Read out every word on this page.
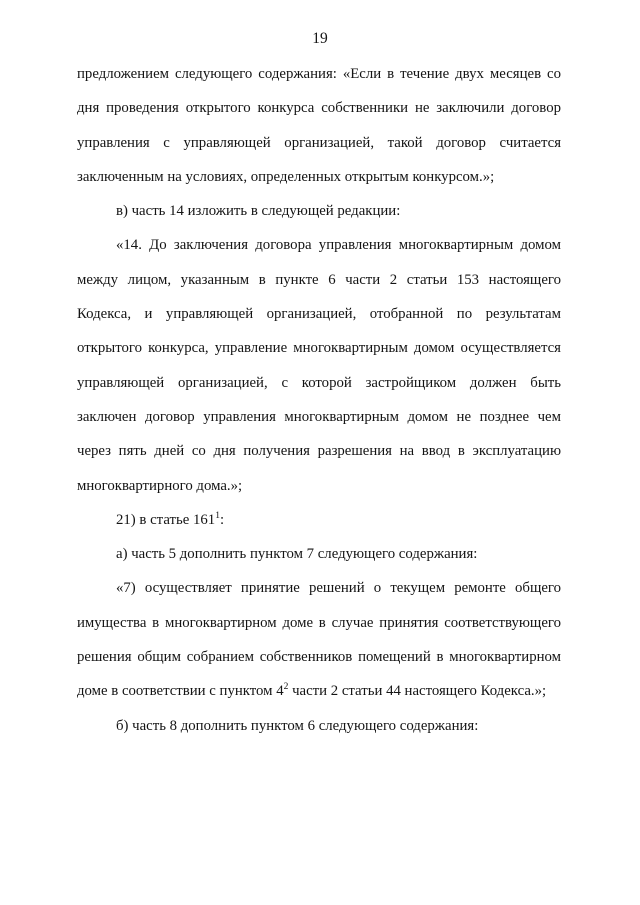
19
предложением следующего содержания: «Если в течение двух месяцев со
дня проведения открытого конкурса собственники не заключили договор
управления с управляющей организацией, такой договор считается
заключенным на условиях, определенных открытым конкурсом.»;
в) часть 14 изложить в следующей редакции:
«14. До заключения договора управления многоквартирным домом
между лицом, указанным в пункте 6 части 2 статьи 153 настоящего
Кодекса, и управляющей организацией, отобранной по результатам
открытого конкурса, управление многоквартирным домом осуществляется
управляющей организацией, с которой застройщиком должен быть
заключен договор управления многоквартирным домом не позднее чем
через пять дней со дня получения разрешения на ввод в эксплуатацию
многоквартирного дома.»;
21) в статье $161^1$:
а) часть 5 дополнить пунктом 7 следующего содержания:
«7) осуществляет принятие решений о текущем ремонте общего
имущества в многоквартирном доме в случае принятия соответствующего
решения общим собранием собственников помещений в многоквартирном
доме в соответствии с пунктом $4^2$ части 2 статьи 44 настоящего Кодекса.»;
б) часть 8 дополнить пунктом 6 следующего содержания:
